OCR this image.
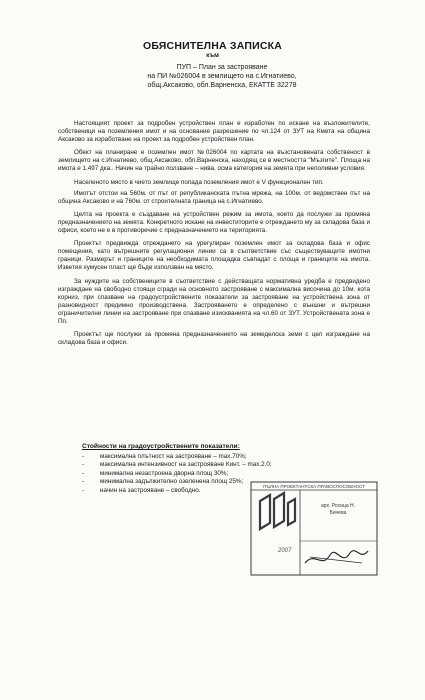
ОБЯСНИТЕЛНА ЗАПИСКА
към
ПУП – План за застрояване
на ПИ №026004 в землището на с.Игнатиево,
общ.Аксаково, обл.Варненска, ЕКАТТЕ 32278

Настоящият проект за подробен устройствен план е изработен по искане на възложителите, собственици на поземления имот и на основание разрешение по чл.124 от ЗУТ на Кмета на община Аксаково за изработване на проект за подробен устройствен план.

Обект на планиране е поземлен имот №026004 по картата на възстановената собственост в землището на с.Игнатиево, общ.Аксаково, обл.Варненска, находящ се в местността "Мъзгите". Площа на имота е 1.497 дка.. Начин на трайно ползване – нива, осма категория на земята при неполивни условия.

Населеното място в чието землище попада поземления имот е V функционален тип.

Имотът отстои на 560м. от път от републиканската пътна мрежа, на 100м. от ведомствен път на община Аксаково и на 760м. от строителната граница на с.Игнатиево.

Целта на проекта е създаване на устройствен режим за имота, което да послужи за промяна предназначението на земята. Конкретното искане на инвеститорите е отреждането му за складова база и офиси, което не е в противоречие с предназначението на територията.

Проектът предвижда отреждането на урегулиран поземлен имот за складова база и офис помещения, като вътрешните регулационни линии са в съответствие със съществуващите имотни граници. Размерът и границите на необходимата площадка съвпадат с площа и границите на имота. Изветия хумусен пласт ще бъде използван на място.

За нуждите на собствениците в съответствие с действащата нормативна уредба е предвидено изграждане на свободно стоящи сгради на основното застрояване с максимална височина до 10м. кота корниз, при спазване на градоустройствените показатели за застрояване на устройствена зона от разновидност предимно производствена. Застрояването е определено с външни и вътрешни ограничителни линии на застрояване при спазване изискванията на чл.60 от ЗУТ. Устройствената зона е Пп.

Проектът ще послужи за промяна предназначението на земеделска земя с цел изграждане на складова база и офиси.

Стойности на градоустройствените показатели:
-	максимална плътност на застрояване – max.70%;
-	максимална интензивност на застрояване Кинт. – max.2.0;
-	минимална незастроена дворна площ 30%;
-	минимална задължително озеленена площ 25%;
-	начин на застрояване – свободно.
ПЪЛНА ПРОЕКТАНТСКА ПРАВОСПОСОБНОСТ
арх. Росица Н.
Бичева
2007
